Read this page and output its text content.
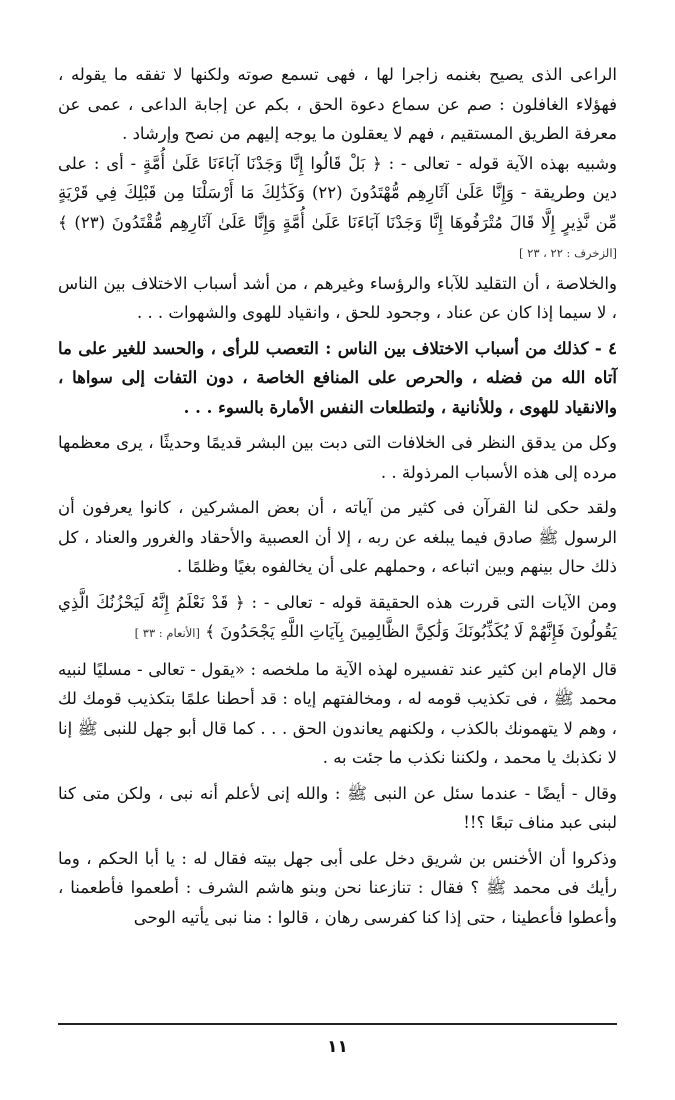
الراعى الذى يصيح بغنمه زاجرا لها ، فهى تسمع صوته ولكنها لا تفقه ما يقوله ، فهؤلاء الغافلون : صم عن سماع دعوة الحق ، بكم عن إجابة الداعى ، عمى عن معرفة الطريق المستقيم ، فهم لا يعقلون ما يوجه إليهم من نصح وإرشاد .

وشبيه بهذه الآية قوله - تعالى - : ﴿ بَلْ قَالُوا إِنَّا وَجَدْنَا آبَاءَنَا عَلَىٰ أُمَّةٍ - أى : على دين وطريقة - وَإِنَّا عَلَىٰ آثَارِهِم مُّهْتَدُونَ (٢٢) وَكَذَٰلِكَ مَا أَرْسَلْنَا مِن قَبْلِكَ فِي قَرْيَةٍ مِّن نَّذِيرٍ إِلَّا قَالَ مُتْرَفُوهَا إِنَّا وَجَدْنَا آبَاءَنَا عَلَىٰ أُمَّةٍ وَإِنَّا عَلَىٰ آثَارِهِم مُّقْتَدُونَ (٢٣) ﴾ [الزخرف : ٢٢ ، ٢٣ ]

والخلاصة ، أن التقليد للآباء والرؤساء وغيرهم ، من أشد أسباب الاختلاف بين الناس ، لا سيما إذا كان عن عناد ، وجحود للحق ، وانقياد للهوى والشهوات . . .

٤ - كذلك من أسباب الاختلاف بين الناس : التعصب للرأى ، والحسد للغير على ما آتاه الله من فضله ، والحرص على المنافع الخاصة ، دون التفات إلى سواها ، والانقياد للهوى ، وللأنانية ، ولتطلعات النفس الأمارة بالسوء . . .

وكل من يدقق النظر فى الخلافات التى دبت بين البشر قديمًا وحديثًا ، يرى معظمها مرده إلى هذه الأسباب المرذولة . .

ولقد حكى لنا القرآن فى كثير من آياته ، أن بعض المشركين ، كانوا يعرفون أن الرسول ﷺ صادق فيما يبلغه عن ربه ، إلا أن العصبية والأحقاد والغرور والعناد ، كل ذلك حال بينهم وبين اتباعه ، وحملهم على أن يخالفوه بغيًا وظلمًا .

ومن الآيات التى قررت هذه الحقيقة قوله - تعالى - : ﴿ قَدْ نَعْلَمُ إِنَّهُ لَيَحْزُنُكَ الَّذِي يَقُولُونَ فَإِنَّهُمْ لَا يُكَذِّبُونَكَ وَلَٰكِنَّ الظَّالِمِينَ بِآيَاتِ اللَّهِ يَجْحَدُونَ ﴾ [الأنعام : ٣٣ ]

قال الإمام ابن كثير عند تفسيره لهذه الآية ما ملخصه : «يقول - تعالى - مسليًا لنبيه محمد ﷺ ، فى تكذيب قومه له ، ومخالفتهم إياه : قد أحطنا علمًا بتكذيب قومك لك ، وهم لا يتهمونك بالكذب ، ولكنهم يعاندون الحق . . . كما قال أبو جهل للنبى ﷺ إنا لا نكذبك يا محمد ، ولكننا نكذب ما جئت به .

وقال - أيضًا - عندما سئل عن النبى ﷺ : والله إنى لأعلم أنه نبى ، ولكن متى كنا لبنى عبد مناف تبعًا ؟!!

وذكروا أن الأخنس بن شريق دخل على أبى جهل بيته فقال له : يا أبا الحكم ، وما رأيك فى محمد ﷺ ؟ فقال : تنازعنا نحن وبنو هاشم الشرف : أطعموا فأطعمنا ، وأعطوا فأعطينا ، حتى إذا كنا كفرسى رهان ، قالوا : منا نبى يأتيه الوحى

١١
